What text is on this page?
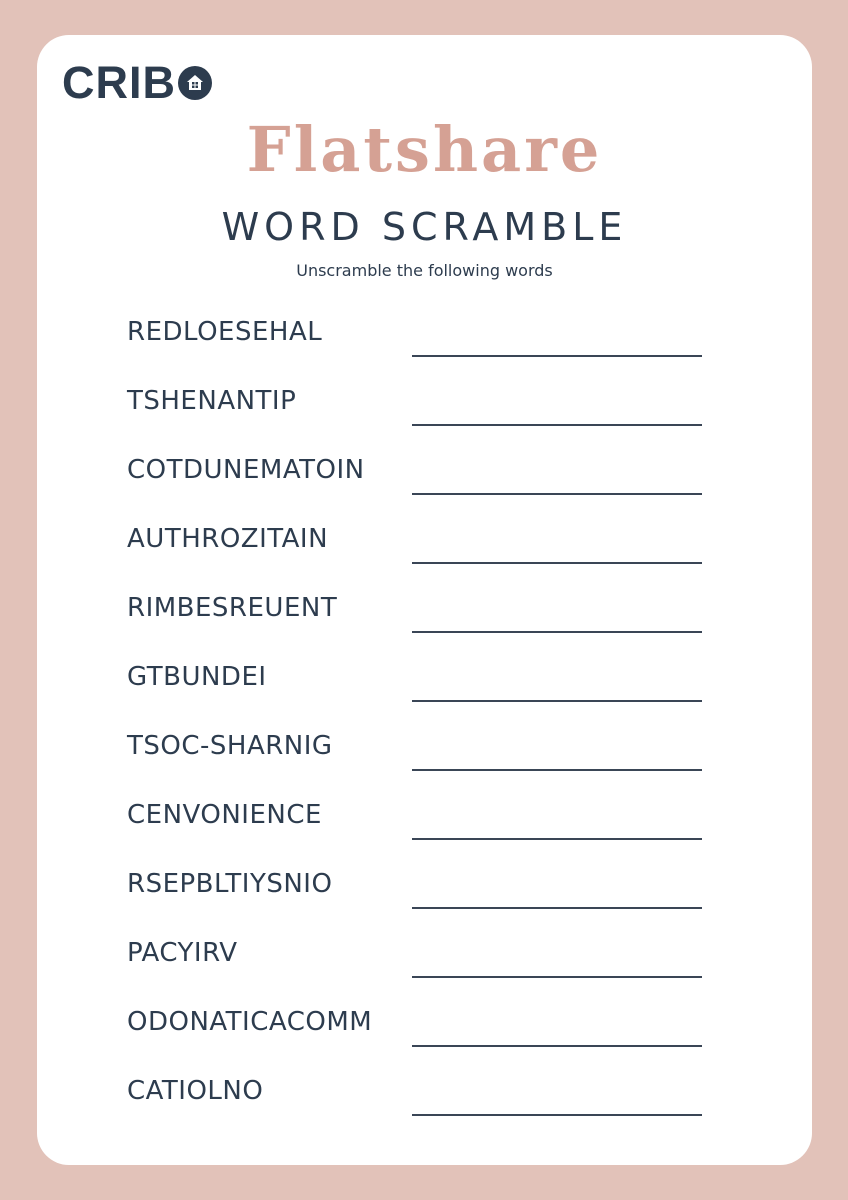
CRIB
Flatshare
WORD SCRAMBLE
Unscramble the following words
REDLOESEHAL
TSHENANTIP
COTDUNEMATOIN
AUTHROZITAIN
RIMBESREUENT
GTBUNDEI
TSOC-SHARNIG
CENVONIENCE
RSEPBLTIYSNIO
PACYIRV
ODONATICACOMM
CATIOLNO
